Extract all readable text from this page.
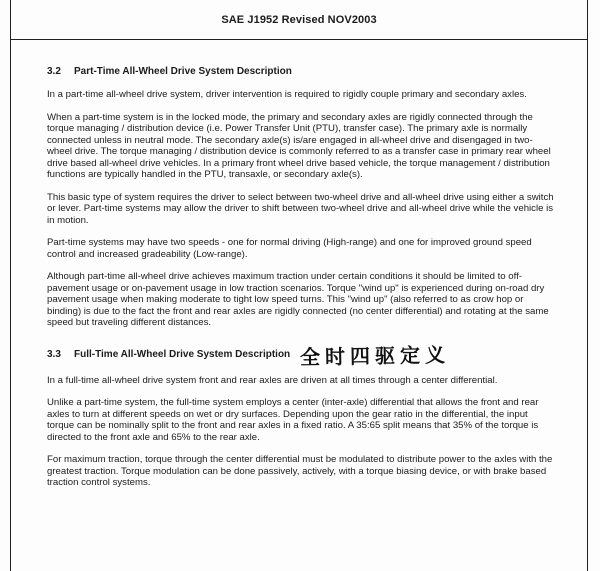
SAE J1952 Revised NOV2003
3.2	Part-Time All-Wheel Drive System Description

In a part-time all-wheel drive system, driver intervention is required to rigidly couple primary and secondary axles.

When a part-time system is in the locked mode, the primary and secondary axles are rigidly connected through the torque managing / distribution device (i.e. Power Transfer Unit (PTU), transfer case). The primary axle is normally connected unless in neutral mode. The secondary axle(s) is/are engaged in all-wheel drive and disengaged in two-wheel drive. The torque managing / distribution device is commonly referred to as a transfer case in primary rear wheel drive based all-wheel drive vehicles. In a primary front wheel drive based vehicle, the torque management / distribution functions are typically handled in the PTU, transaxle, or secondary axle(s).

This basic type of system requires the driver to select between two-wheel drive and all-wheel drive using either a switch or lever. Part-time systems may allow the driver to shift between two-wheel drive and all-wheel drive while the vehicle is in motion.

Part-time systems may have two speeds - one for normal driving (High-range) and one for improved ground speed control and increased gradeability (Low-range).

Although part-time all-wheel drive achieves maximum traction under certain conditions it should be limited to off-pavement usage or on-pavement usage in low traction scenarios. Torque "wind up" is experienced during on-road dry pavement usage when making moderate to tight low speed turns. This "wind up" (also referred to as crow hop or binding) is due to the fact the front and rear axles are rigidly connected (no center differential) and rotating at the same speed but traveling different distances.

3.3	Full-Time All-Wheel Drive System Description 全时四驱定义

In a full-time all-wheel drive system front and rear axles are driven at all times through a center differential.

Unlike a part-time system, the full-time system employs a center (inter-axle) differential that allows the front and rear axles to turn at different speeds on wet or dry surfaces. Depending upon the gear ratio in the differential, the input torque can be nominally split to the front and rear axles in a fixed ratio. A 35:65 split means that 35% of the torque is directed to the front axle and 65% to the rear axle.

For maximum traction, torque through the center differential must be modulated to distribute power to the axles with the greatest traction. Torque modulation can be done passively, actively, with a torque biasing device, or with brake based traction control systems.
